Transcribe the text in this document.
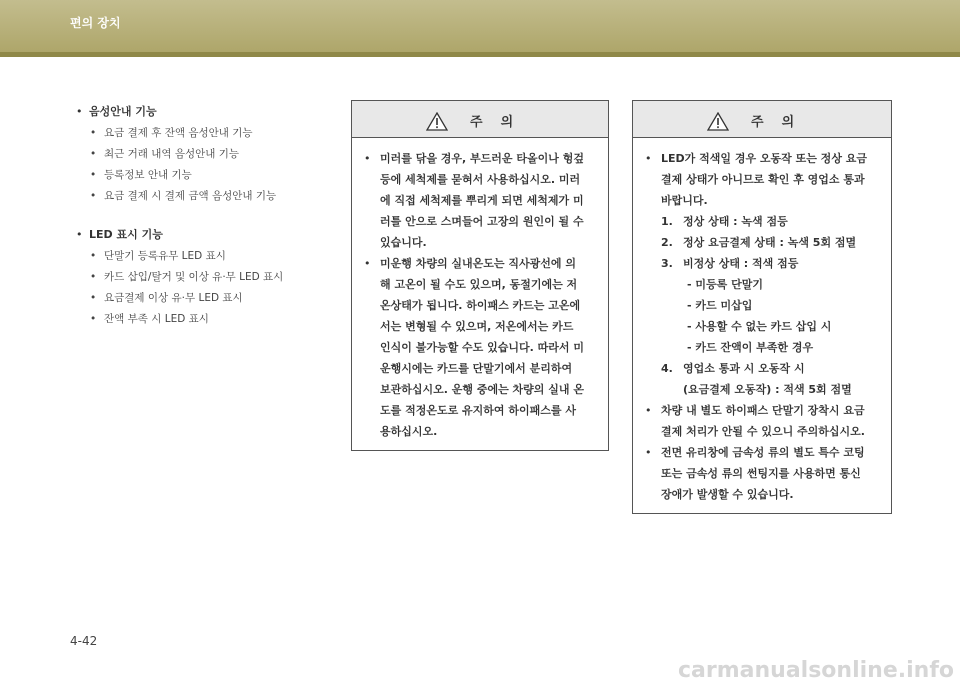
편의 장치
• 음성안내 기능
• 요금 결제 후 잔액 음성안내 기능
• 최근 거래 내역 음성안내 기능
• 등록정보 안내 기능
• 요금 결제 시 결제 금액 음성안내 기능
• LED 표시 기능
• 단말기 등록유무 LED 표시
• 카드 삽입/탈거 및 이상 유·무 LED 표시
• 요금결제 이상 유·무 LED 표시
• 잔액 부족 시 LED 표시
주    의
• 미러를 닦을 경우, 부드러운 타올이나 헝겊
등에 세척제를 묻혀서 사용하십시오. 미러
에 직접 세척제를 뿌리게 되면 세척제가 미
러틀 안으로 스며들어 고장의 원인이 될 수
있습니다.
• 미운행 차량의 실내온도는 직사광선에 의
해 고온이 될 수도 있으며, 동절기에는 저
온상태가 됩니다. 하이패스 카드는 고온에
서는 변형될 수 있으며, 저온에서는 카드
인식이 불가능할 수도 있습니다. 따라서 미
운행시에는 카드를 단말기에서 분리하여
보관하십시오. 운행 중에는 차량의 실내 온
도를 적정온도로 유지하여 하이패스를 사
용하십시오.
주    의
• LED가 적색일 경우 오동작 또는 정상 요금
결제 상태가 아니므로 확인 후 영업소 통과
바랍니다.
1. 정상 상태 : 녹색 점등
2. 정상 요금결제 상태 : 녹색 5회 점멸
3. 비정상 상태 : 적색 점등
- 미등록 단말기
- 카드 미삽입
- 사용할 수 없는 카드 삽입 시
- 카드 잔액이 부족한 경우
4. 영업소 통과 시 오동작 시
(요금결제 오동작) : 적색 5회 점멸
• 차량 내 별도 하이패스 단말기 장착시 요금
결제 처리가 안될 수 있으니 주의하십시오.
• 전면 유리창에 금속성 류의 별도 특수 코팅
또는 금속성 류의 썬팅지를 사용하면 통신
장애가 발생할 수 있습니다.
4-42
carmanualsonline.info
